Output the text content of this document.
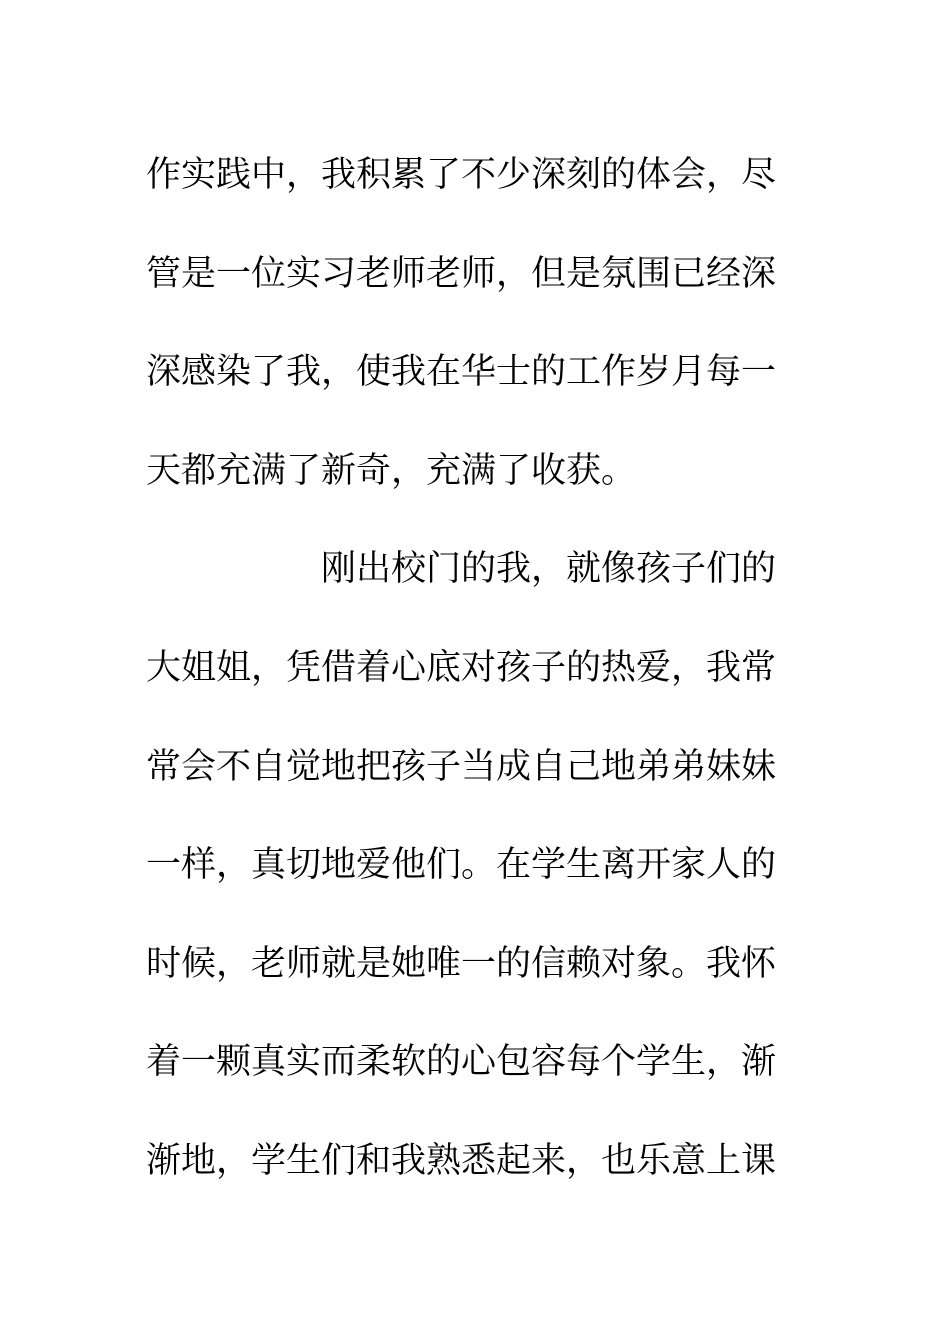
作实践中，我积累了不少深刻的体会，尽
管是一位实习老师老师，但是氛围已经深
深感染了我，使我在华士的工作岁月每一
天都充满了新奇，充满了收获。
刚出校门的我，就像孩子们的
大姐姐，凭借着心底对孩子的热爱，我常
常会不自觉地把孩子当成自己地弟弟妹妹
一样，真切地爱他们。在学生离开家人的
时候，老师就是她唯一的信赖对象。我怀
着一颗真实而柔软的心包容每个学生，渐
渐地，学生们和我熟悉起来，也乐意上课
